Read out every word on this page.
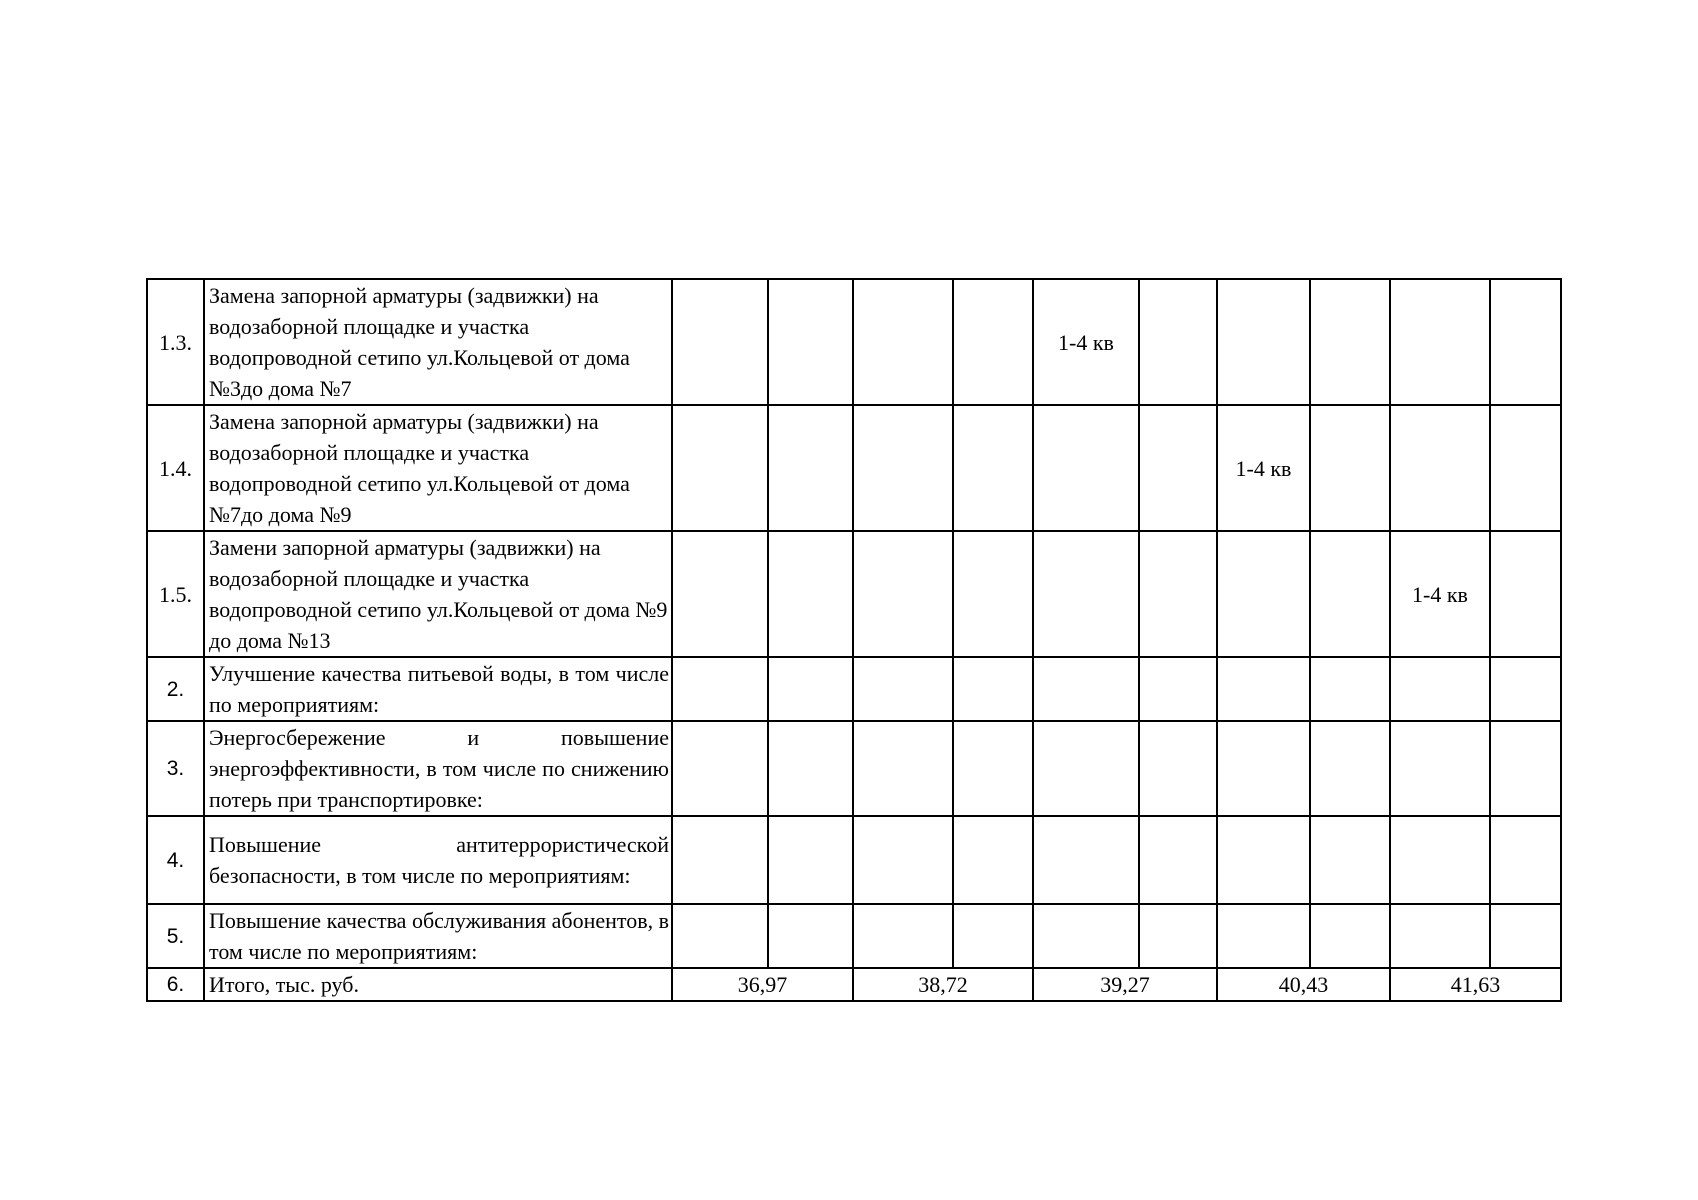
1.3.	Замена запорной арматуры (задвижки) на водозаборной площадке и участка водопроводной сетипо ул.Кольцевой от дома №3до дома №7					1-4 кв					
1.4.	Замена запорной арматуры (задвижки) на водозаборной площадке и участка водопроводной сетипо ул.Кольцевой от дома №7до дома №9							1-4 кв			
1.5.	Замени запорной арматуры (задвижки) на водозаборной площадке и участка водопроводной сетипо ул.Кольцевой от дома №9 до дома №13									1-4 кв	
2.	Улучшение качества питьевой воды, в том числе по мероприятиям:										
3.	Энергосбережение и повышение энергоэффективности, в том числе по снижению потерь при транспортировке:										
4.	Повышение антитеррористической безопасности, в том числе по мероприятиям:										
5.	Повышение качества обслуживания абонентов, в том числе по мероприятиям:										
6.	Итого, тыс. руб.	36,97		38,72		39,27		40,43		41,63	
